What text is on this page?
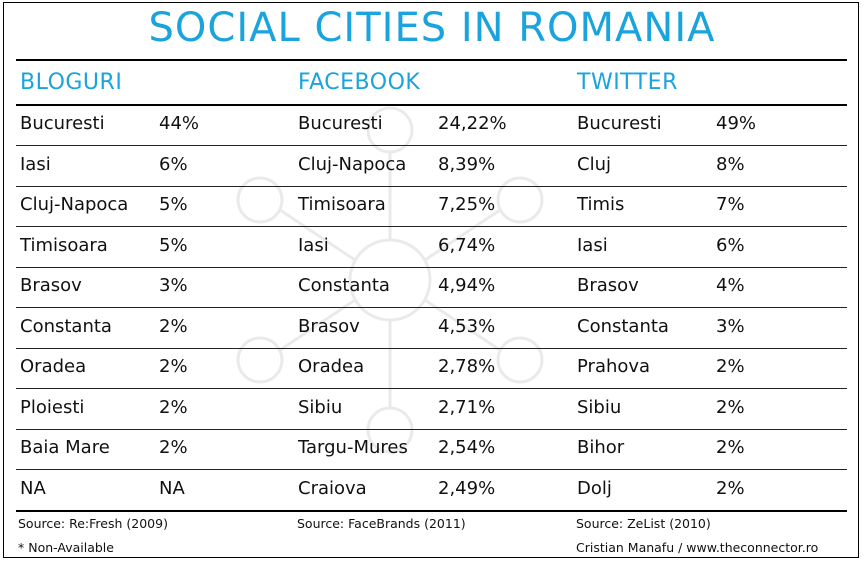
SOCIAL CITIES IN ROMANIA
BLOGURI	FACEBOOK	TWITTER
Bucuresti	44%	Bucuresti	24,22%	Bucuresti	49%
Iasi	6%	Cluj-Napoca 8,39%	Cluj	8%
Cluj-Napoca 5%	Timisoara	7,25%	Timis	7%
Timisoara	5%	Iasi	6,74%	Iasi	6%
Brasov	3%	Constanta	4,94%	Brasov	4%
Constanta	2%	Brasov	4,53%	Constanta	3%
Oradea	2%	Oradea	2,78%	Prahova	2%
Ploiesti	2%	Sibiu	2,71%	Sibiu	2%
Baia Mare	2%	Targu-Mures 2,54%	Bihor	2%
NA	NA	Craiova	2,49%	Dolj	2%
Source: Re:Fresh (2009)	Source: FaceBrands (2011)	Source: ZeList (2010)
* Non-Available	Cristian Manafu / www.theconnector.ro
